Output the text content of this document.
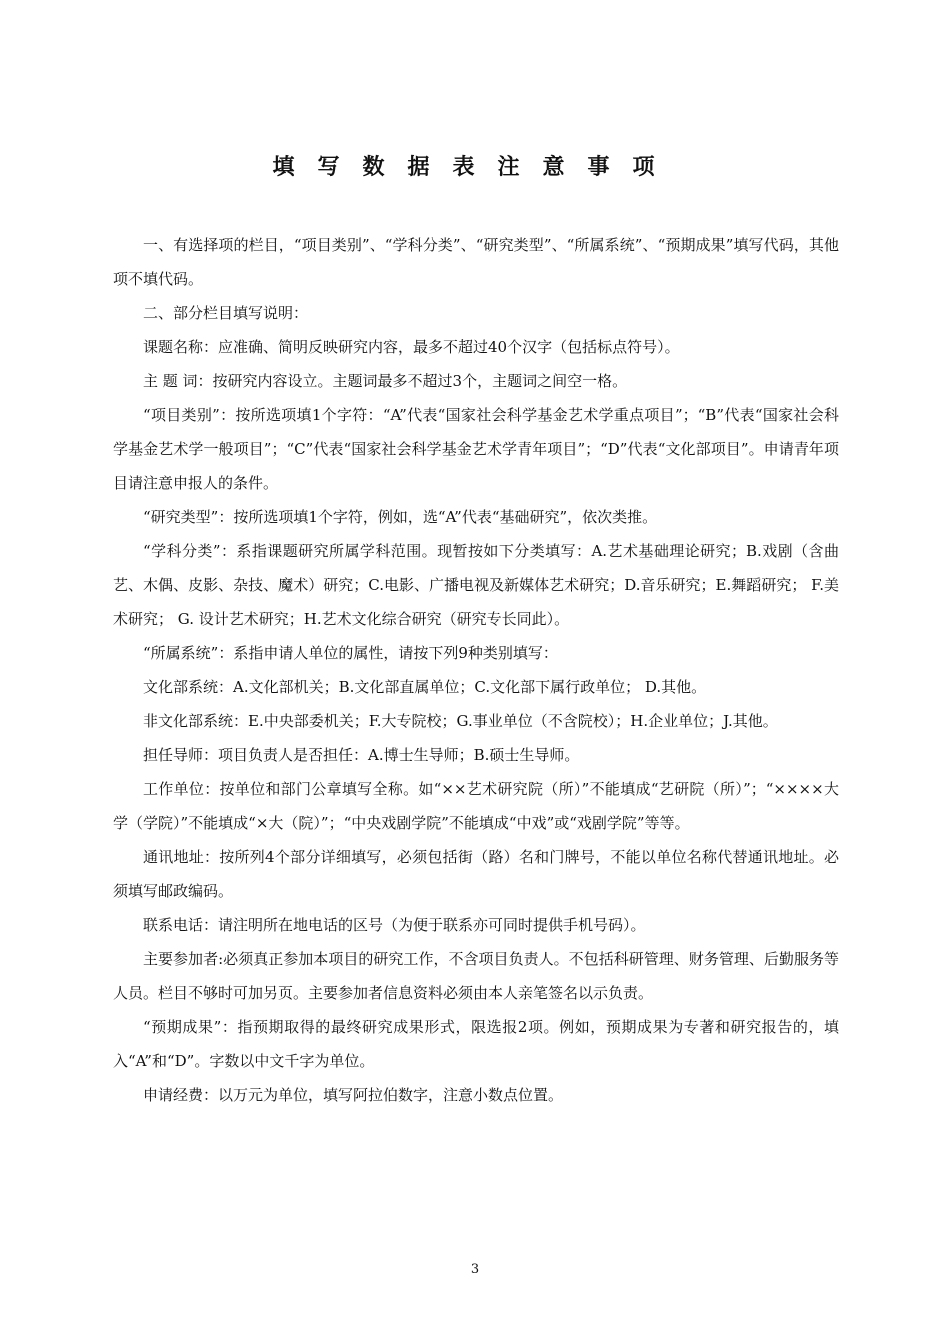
填写数据表注意事项

一、有选择项的栏目，“项目类别”、“学科分类”、“研究类型”、“所属系统”、“预期成果”填写代码，其他项不填代码。

二、部分栏目填写说明：

课题名称：应准确、简明反映研究内容，最多不超过40个汉字（包括标点符号）。

主 题 词：按研究内容设立。主题词最多不超过3个，主题词之间空一格。

“项目类别”：按所选项填1个字符：“A”代表“国家社会科学基金艺术学重点项目”；“B”代表“国家社会科学基金艺术学一般项目”；“C”代表“国家社会科学基金艺术学青年项目”；“D”代表“文化部项目”。申请青年项目请注意申报人的条件。

“研究类型”：按所选项填1个字符，例如，选“A”代表“基础研究”，依次类推。

“学科分类”：系指课题研究所属学科范围。现暂按如下分类填写：A.艺术基础理论研究；B.戏剧（含曲艺、木偶、皮影、杂技、魔术）研究；C.电影、广播电视及新媒体艺术研究；D.音乐研究；E.舞蹈研究； F.美术研究； G. 设计艺术研究；H.艺术文化综合研究（研究专长同此）。

“所属系统”：系指申请人单位的属性，请按下列9种类别填写：

文化部系统：A.文化部机关；B.文化部直属单位；C.文化部下属行政单位； D.其他。

非文化部系统：E.中央部委机关；F.大专院校；G.事业单位（不含院校）；H.企业单位；J.其他。

担任导师：项目负责人是否担任：A.博士生导师；B.硕士生导师。

工作单位：按单位和部门公章填写全称。如“××艺术研究院（所）”不能填成“艺研院（所）”；“××××大学（学院）”不能填成“×大（院）”；“中央戏剧学院”不能填成“中戏”或“戏剧学院”等等。

通讯地址：按所列4个部分详细填写，必须包括街（路）名和门牌号，不能以单位名称代替通讯地址。必须填写邮政编码。

联系电话：请注明所在地电话的区号（为便于联系亦可同时提供手机号码）。

主要参加者:必须真正参加本项目的研究工作，不含项目负责人。不包括科研管理、财务管理、后勤服务等人员。栏目不够时可加另页。主要参加者信息资料必须由本人亲笔签名以示负责。

“预期成果”：指预期取得的最终研究成果形式，限选报2项。例如，预期成果为专著和研究报告的，填入“A”和“D”。字数以中文千字为单位。

申请经费：以万元为单位，填写阿拉伯数字，注意小数点位置。

3
